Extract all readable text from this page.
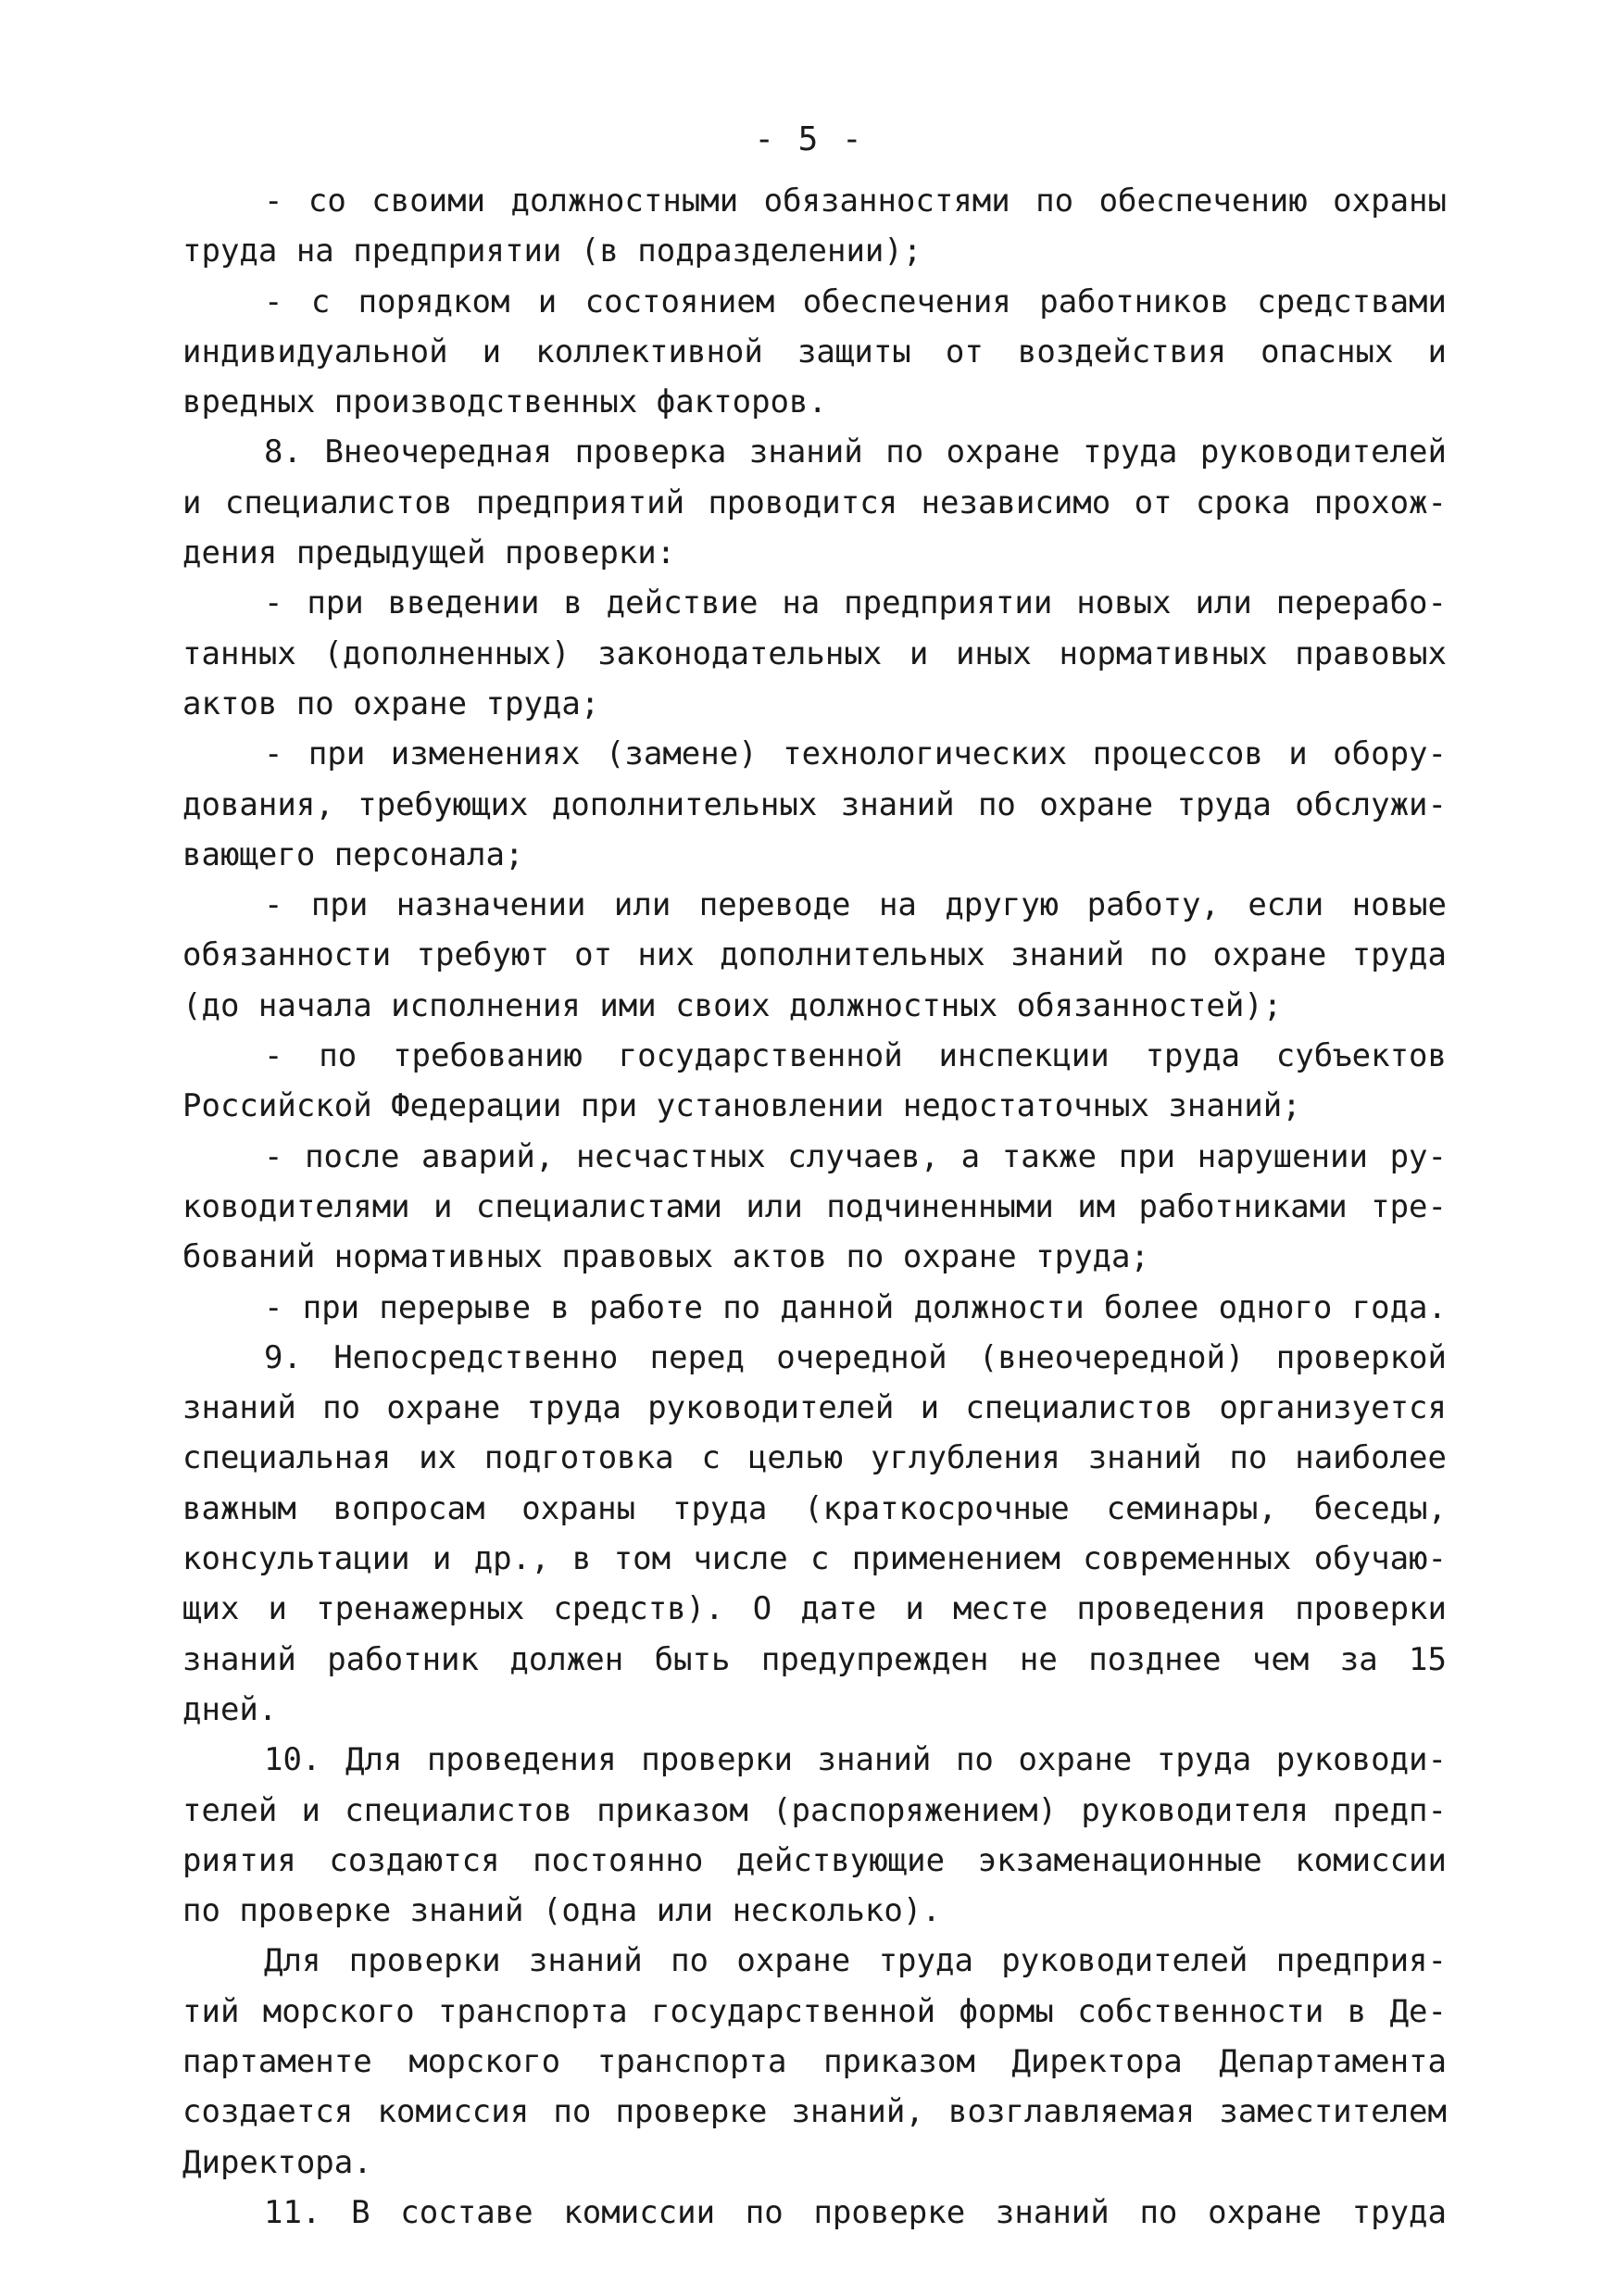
- 5 -
- со своими должностными обязанностями по обеспечению охраны
труда на предприятии (в подразделении);
- с порядком и состоянием обеспечения работников средствами
индивидуальной и коллективной защиты от воздействия опасных и
вредных производственных факторов.
8. Внеочередная проверка знаний по охране труда руководителей
и специалистов предприятий проводится независимо от срока прохож-
дения предыдущей проверки:
- при введении в действие на предприятии новых или перерабо-
танных (дополненных) законодательных и иных нормативных правовых
актов по охране труда;
- при изменениях (замене) технологических процессов и обору-
дования, требующих дополнительных знаний по охране труда обслужи-
вающего персонала;
- при назначении или переводе на другую работу, если новые
обязанности требуют от них дополнительных знаний по охране труда
(до начала исполнения ими своих должностных обязанностей);
- по требованию государственной инспекции труда субъектов
Российской Федерации при установлении недостаточных знаний;
- после аварий, несчастных случаев, а также при нарушении ру-
ководителями и специалистами или подчиненными им работниками тре-
бований нормативных правовых актов по охране труда;
- при перерыве в работе по данной должности более одного года.
9. Непосредственно перед очередной (внеочередной) проверкой
знаний по охране труда руководителей и специалистов организуется
специальная их подготовка с целью углубления знаний по наиболее
важным вопросам охраны труда (краткосрочные семинары, беседы,
консультации и др., в том числе с применением современных обучаю-
щих и тренажерных средств). О дате и месте проведения проверки
знаний работник должен быть предупрежден не позднее чем за 15
дней.
10. Для проведения проверки знаний по охране труда руководи-
телей и специалистов приказом (распоряжением) руководителя предп-
риятия создаются постоянно действующие экзаменационные комиссии
по проверке знаний (одна или несколько).
Для проверки знаний по охране труда руководителей предприя-
тий морского транспорта государственной формы собственности в Де-
партаменте морского транспорта приказом Директора Департамента
создается комиссия по проверке знаний, возглавляемая заместителем
Директора.
11. В составе комиссии по проверке знаний по охране труда
